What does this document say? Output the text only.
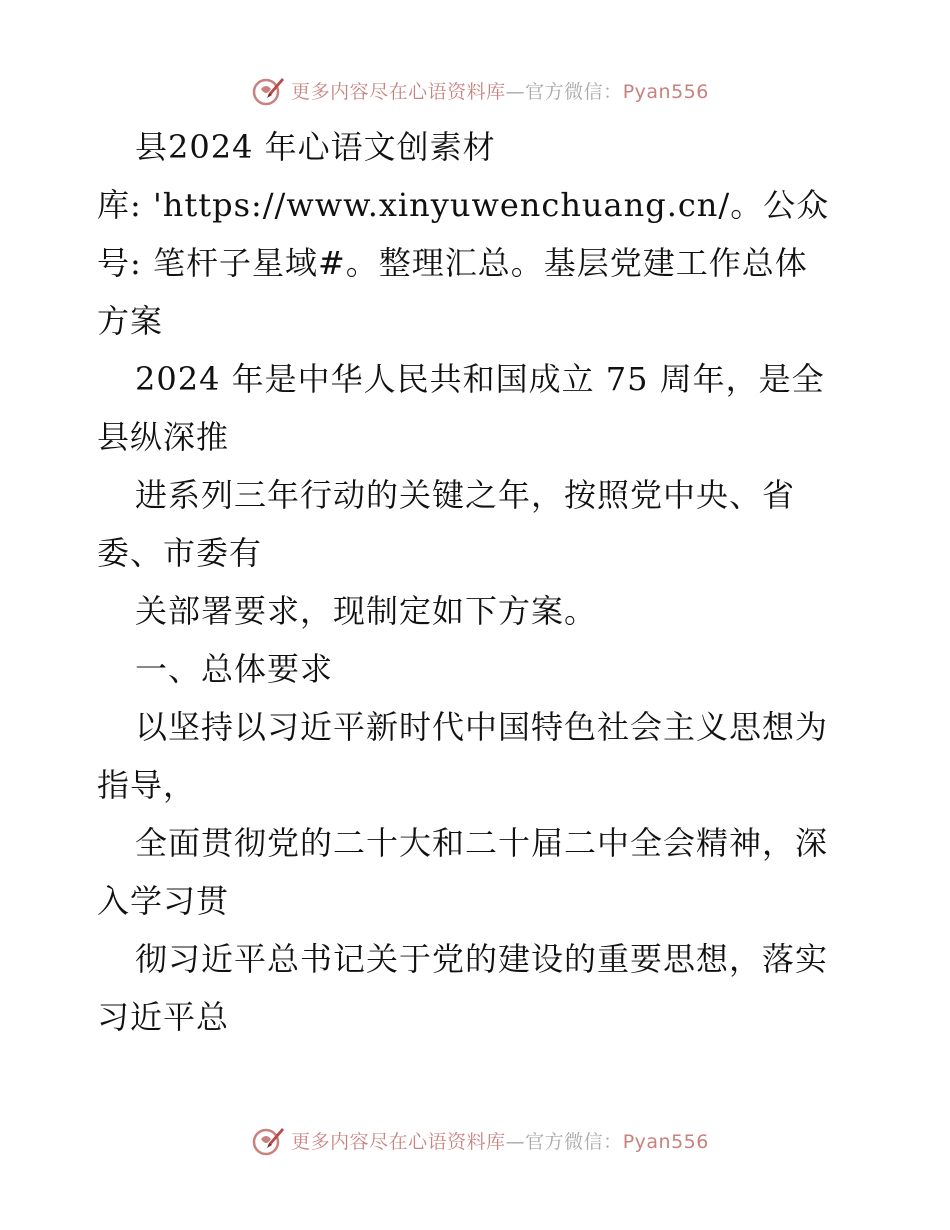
更多内容尽在心语资料库—官方微信：Pyan556
县2024 年心语文创素材
库: 'https://www.xinyuwenchuang.cn/。公众
号: 笔杆子星域#。整理汇总。基层党建工作总体
方案
2024 年是中华人民共和国成立 75 周年，是全
县纵深推
进系列三年行动的关键之年，按照党中央、省
委、市委有
关部署要求，现制定如下方案。
一、总体要求
以坚持以习近平新时代中国特色社会主义思想为
指导，
全面贯彻党的二十大和二十届二中全会精神，深
入学习贯
彻习近平总书记关于党的建设的重要思想，落实
习近平总
更多内容尽在心语资料库—官方微信：Pyan556
